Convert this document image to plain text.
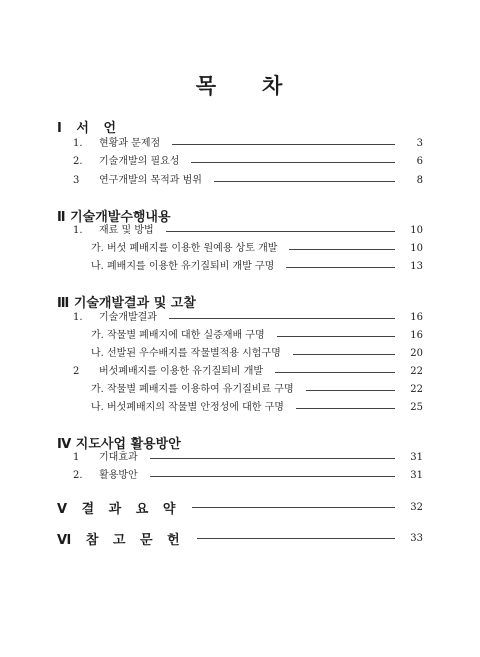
목 차
Ⅰ 서 언
1.	현황과 문제점	3
2.	기술개발의 필요성	6
3	연구개발의 목적과 범위	8
Ⅱ 기술개발수행내용
1.	재료 및 방법	10
가. 버섯 폐배지를 이용한 원예용 상토 개발	10
나. 폐배지를 이용한 유기질퇴비 개발 구명	13
Ⅲ 기술개발결과 및 고찰
1.	기술개발결과	16
가. 작물별 폐배지에 대한 실증재배 구명	16
나. 선발된 우수배지를 작물별적용 시험구명	20
2	버섯폐배지를 이용한 유기질퇴비 개발	22
가. 작물별 폐배지를 이용하여 유기질비료 구명	22
나. 버섯폐배지의 작물별 안정성에 대한 구명	25
Ⅳ 지도사업 활용방안
1	기대효과	31
2.	활용방안	31
Ⅴ 결 과 요 약	32
Ⅵ 참 고 문 헌	33
